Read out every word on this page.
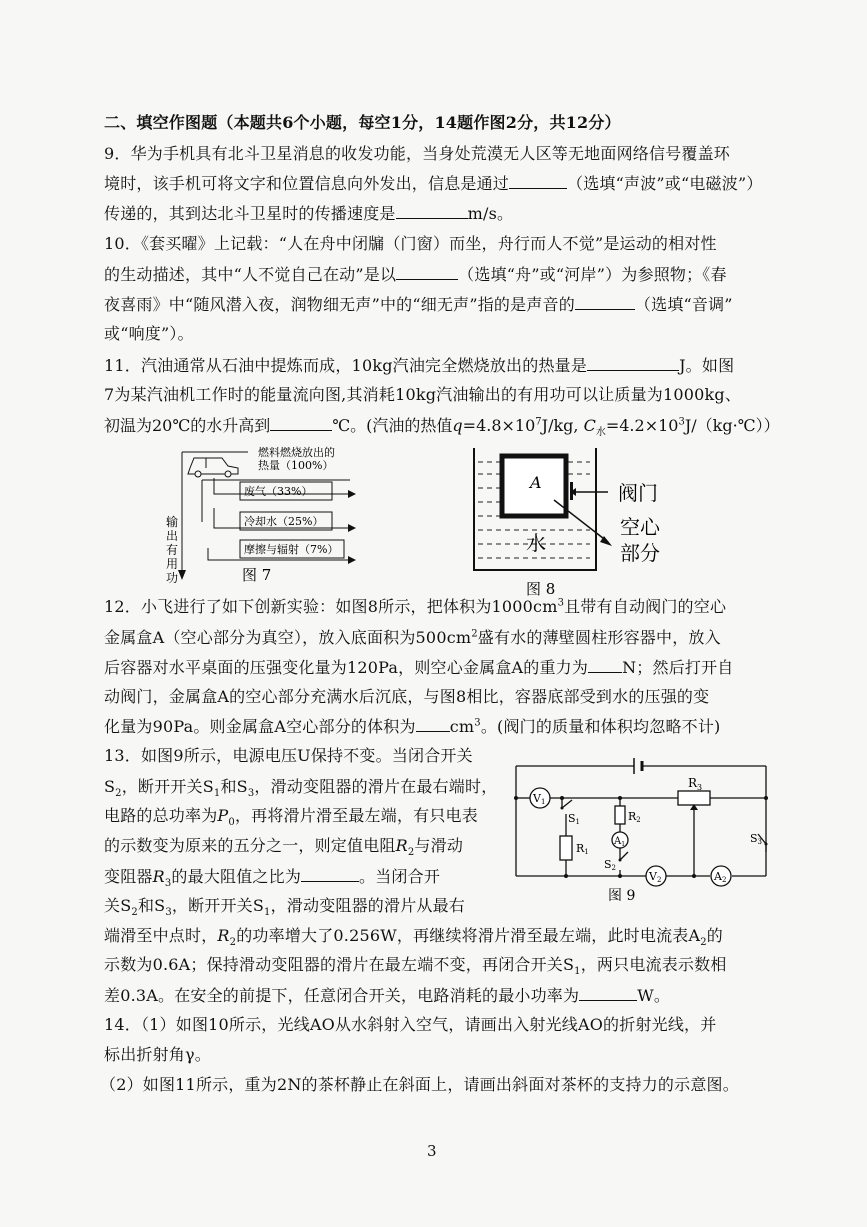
二、填空作图题（本题共6个小题，每空1分，14题作图2分，共12分）
9．华为手机具有北斗卫星消息的收发功能，当身处荒漠无人区等无地面网络信号覆盖环
境时，该手机可将文字和位置信息向外发出，信息是通过	（选填“声波”或“电磁波”）
传递的，其到达北斗卫星时的传播速度是	m/s。
10．《套买曜》上记载：“人在舟中闭牖（门窗）而坐，舟行而人不觉”是运动的相对性
的生动描述，其中“人不觉自己在动”是以	（选填“舟”或“河岸”）为参照物；《春
夜喜雨》中“随风潜入夜，润物细无声”中的“细无声”指的是声音的	（选填“音调”
或“响度”）。
11．汽油通常从石油中提炼而成，10kg汽油完全燃烧放出的热量是	J。如图
7为某汽油机工作时的能量流向图,其消耗10kg汽油输出的有用功可以让质量为1000kg、
初温为20℃的水升高到	℃。(汽油的热值$q=4.8\times 10^7J/kg$, $C_水=4.2\times 10^3J/(kg\cdot℃)$）
燃料燃烧放出的
热量（100%）
废气（33%）
冷却水（25%）
摩擦与辐射（7%）
输
出
有
用
功	图 7
A	阀门
空心
部分
水
图 8
12．小飞进行了如下创新实验：如图8所示，把体积为$1000cm^3$且带有自动阀门的空心
金属盒A（空心部分为真空），放入底面积为$500cm^2$盛有水的薄壁圆柱形容器中，放入
后容器对水平桌面的压强变化量为120Pa，则空心金属盒A的重力为 N；然后打开自
动阀门，金属盒A的空心部分充满水后沉底，与图8相比，容器底部受到水的压强的变
化量为90Pa。则金属盒A空心部分的体积为 $cm^3$。(阀门的质量和体积均忽略不计)
13．如图9所示，电源电压U保持不变。当闭合开关
$S_2$，断开开关$S_1$和$S_3$，滑动变阻器的滑片在最右端时，
电路的总功率为$P_0$，再将滑片滑至最左端，有只电表
的示数变为原来的五分之一，则定值电阻$R_2$与滑动
变阻器$R_3$的最大阻值之比为	。当闭合开
关$S_2$和$S_3$，断开开关$S_1$，滑动变阻器的滑片从最右
$R_3$
V1
S1
R1
R2
$A_1$
S2
V2	A2
S3
图 9
端滑至中点时，$R_2$的功率增大了0.256W，再继续将滑片滑至最左端，此时电流表$A_2$的
示数为0.6A；保持滑动变阻器的滑片在最左端不变，再闭合开关$S_1$，两只电流表示数相
差0.3A。在安全的前提下，任意闭合开关，电路消耗的最小功率为	W。
14．（1）如图10所示，光线AO从水斜射入空气，请画出入射光线AO的折射光线，并
标出折射角γ。
（2）如图11所示，重为2N的茶杯静止在斜面上，请画出斜面对茶杯的支持力的示意图。
3
